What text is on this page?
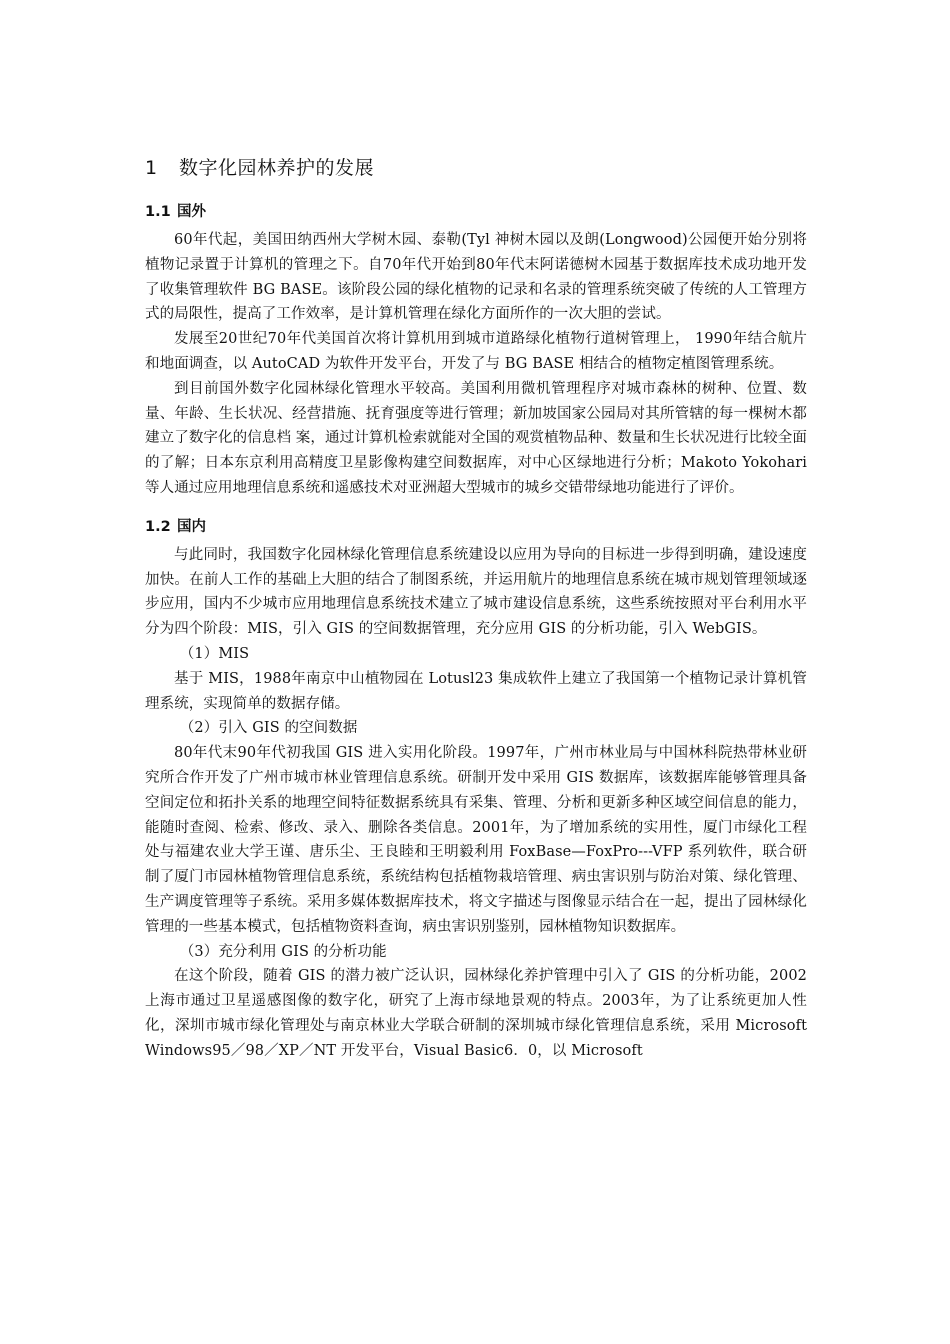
1 数字化园林养护的发展
1.1 国外

60年代起，美国田纳西州大学树木园、泰勒(Tyl 神树木园以及朗(Longwood)公园便开始分别将植物记录置于计算机的管理之下。自70年代开始到80年代末阿诺德树木园基于数据库技术成功地开发了收集管理软件 BG BASE。该阶段公园的绿化植物的记录和名录的管理系统突破了传统的人工管理方式的局限性，提高了工作效率，是计算机管理在绿化方面所作的一次大胆的尝试。

发展至20世纪70年代美国首次将计算机用到城市道路绿化植物行道树管理上， 1990年结合航片和地面调查，以 AutoCAD 为软件开发平台，开发了与 BG BASE 相结合的植物定植图管理系统。

到目前国外数字化园林绿化管理水平较高。美国利用微机管理程序对城市森林的树种、位置、数量、年龄、生长状况、经营措施、抚育强度等进行管理；新加坡国家公园局对其所管辖的每一棵树木都建立了数字化的信息档 案，通过计算机检索就能对全国的观赏植物品种、数量和生长状况进行比较全面的了解；日本东京利用高精度卫星影像构建空间数据库，对中心区绿地进行分析；Makoto Yokohari 等人通过应用地理信息系统和遥感技术对亚洲超大型城市的城乡交错带绿地功能进行了评价。

1.2 国内

与此同时，我国数字化园林绿化管理信息系统建设以应用为导向的目标进一步得到明确，建设速度加快。在前人工作的基础上大胆的结合了制图系统，并运用航片的地理信息系统在城市规划管理领域逐步应用，国内不少城市应用地理信息系统技术建立了城市建设信息系统，这些系统按照对平台利用水平分为四个阶段：MIS，引入 GIS 的空间数据管理，充分应用 GIS 的分析功能，引入 WebGIS。

（1）MIS

基于 MIS，1988年南京中山植物园在 Lotusl23 集成软件上建立了我国第一个植物记录计算机管理系统，实现简单的数据存储。

（2）引入 GIS 的空间数据

80年代末90年代初我国 GIS 进入实用化阶段。1997年，广州市林业局与中国林科院热带林业研究所合作开发了广州市城市林业管理信息系统。研制开发中采用 GIS 数据库，该数据库能够管理具备空间定位和拓扑关系的地理空间特征数据系统具有采集、管理、分析和更新多种区域空间信息的能力，能随时查阅、检索、修改、录入、删除各类信息。2001年，为了增加系统的实用性，厦门市绿化工程处与福建农业大学王谨、唐乐尘、王良睦和王明毅利用 FoxBase—FoxPro---VFP 系列软件，联合研制了厦门市园林植物管理信息系统，系统结构包括植物栽培管理、病虫害识别与防治对策、绿化管理、生产调度管理等子系统。采用多媒体数据库技术，将文字描述与图像显示结合在一起，提出了园林绿化管理的一些基本模式，包括植物资料查询，病虫害识别鉴别，园林植物知识数据库。

（3）充分利用 GIS 的分析功能

在这个阶段，随着 GIS 的潜力被广泛认识，园林绿化养护管理中引入了 GIS 的分析功能，2002上海市通过卫星遥感图像的数字化，研究了上海市绿地景观的特点。2003年，为了让系统更加人性化，深圳市城市绿化管理处与南京林业大学联合研制的深圳城市绿化管理信息系统，采用 Microsoft Windows95／98／XP／NT 开发平台，Visual Basic6．0，以 Microsoft
